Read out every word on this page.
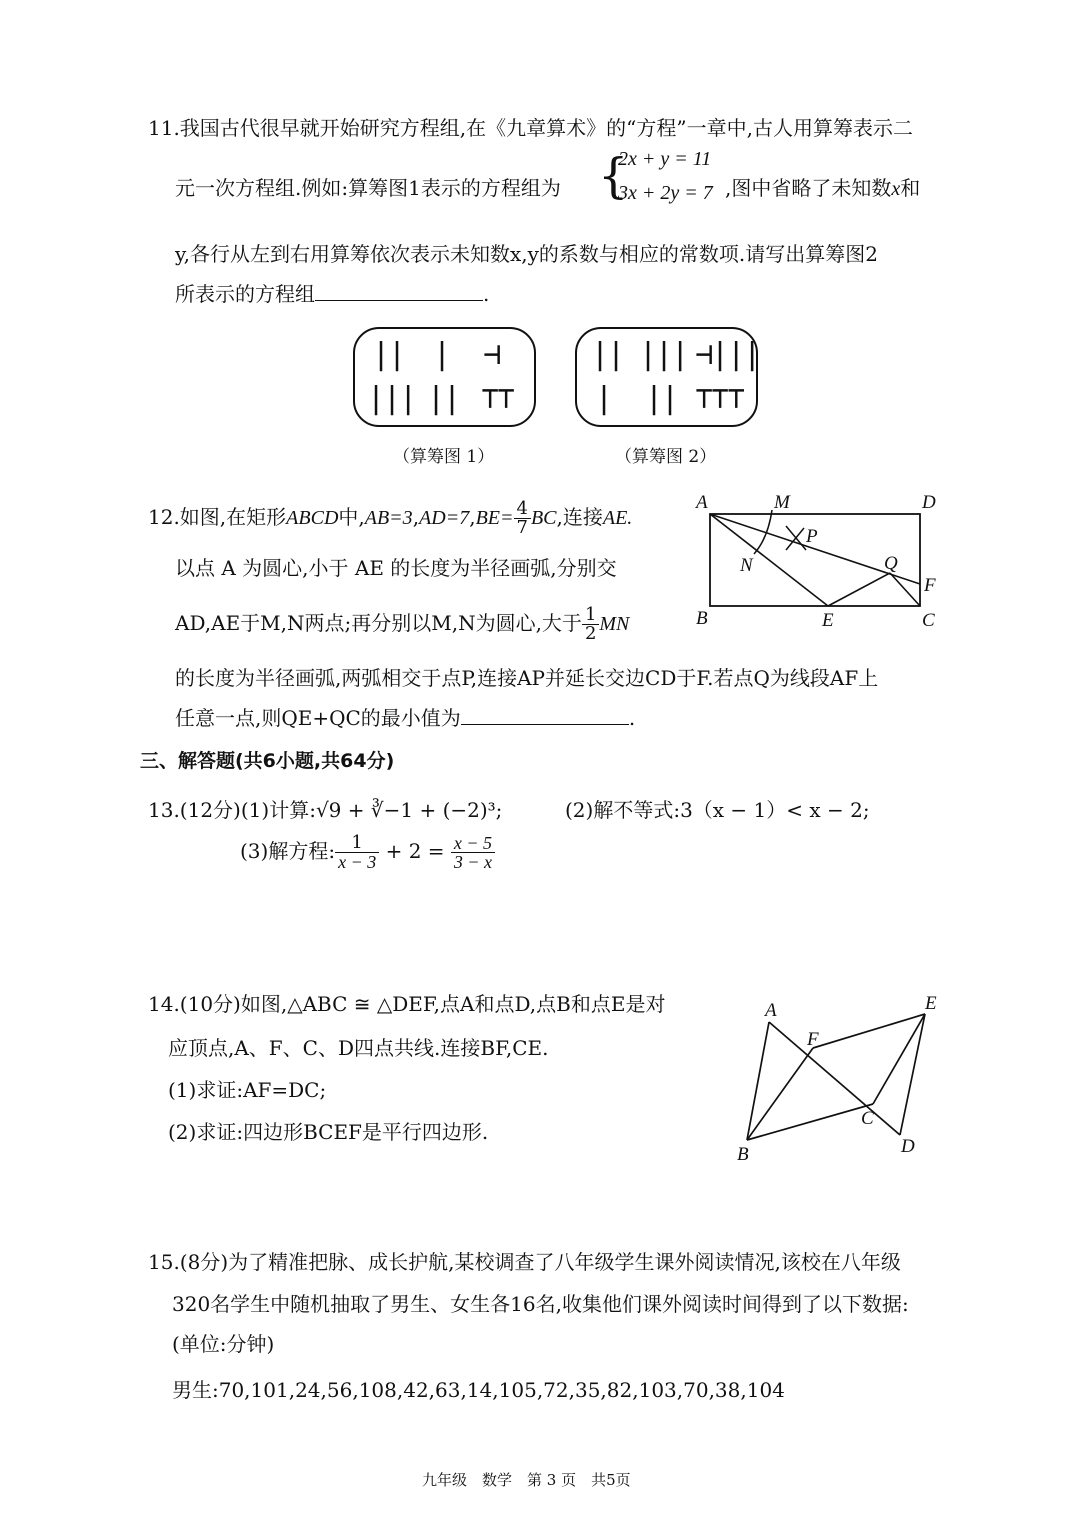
11.我国古代很早就开始研究方程组,在《九章算术》的“方程”一章中,古人用算筹表示二
元一次方程组.例如:算筹图1表示的方程组为 {
2x + y = 11
3x + 2y = 7 ,图中省略了未知数x和
y,各行从左到右用算筹依次表示未知数x,y的系数与相应的常数项.请写出算筹图2
所表示的方程组	.
|| | ⊣
||| || ⊤⊤
（算筹图 1）
|| ||| ⊣|||
| || ⊤⊤⊤
（算筹图 2）
12.如图,在矩形ABCD中$,AB=3,AD=7,BE= \frac{4}{7}$ BC,连接AE.
以点 A 为圆心,小于 AE 的长度为半径画弧,分别交
AD,AE于M,N两点;再分别以M,N为圆心,大于 $\frac{1}{2}$ MN
的长度为半径画弧,两弧相交于点P,连接AP并延长交边CD于F.若点Q为线段AF上
任意一点,则QE+QC的最小值为	.
A	M	D
P
N	Q
F
B	E	C
三、解答题(共6小题,共64分)
13.(12分)(1)计算:√9 + ∛−1 + (−2)³;	(2)解不等式:3（x − 1）< x − 2;
(3)解方程: $\frac{1}{x - 3} + 2 = \frac{x - 5}{3 - x}$
14.(10分)如图,△ABC ≅ △DEF,点A和点D,点B和点E是对
应顶点,A、F、C、D四点共线.连接BF,CE.
(1)求证:AF=DC;
(2)求证:四边形BCEF是平行四边形.
A	E
F
C
D
B
15.(8分)为了精准把脉、成长护航,某校调查了八年级学生课外阅读情况,该校在八年级
320名学生中随机抽取了男生、女生各16名,收集他们课外阅读时间得到了以下数据:
(单位:分钟)
男生:70,101,24,56,108,42,63,14,105,72,35,82,103,70,38,104
九年级　数学　第 3 页　共5页
